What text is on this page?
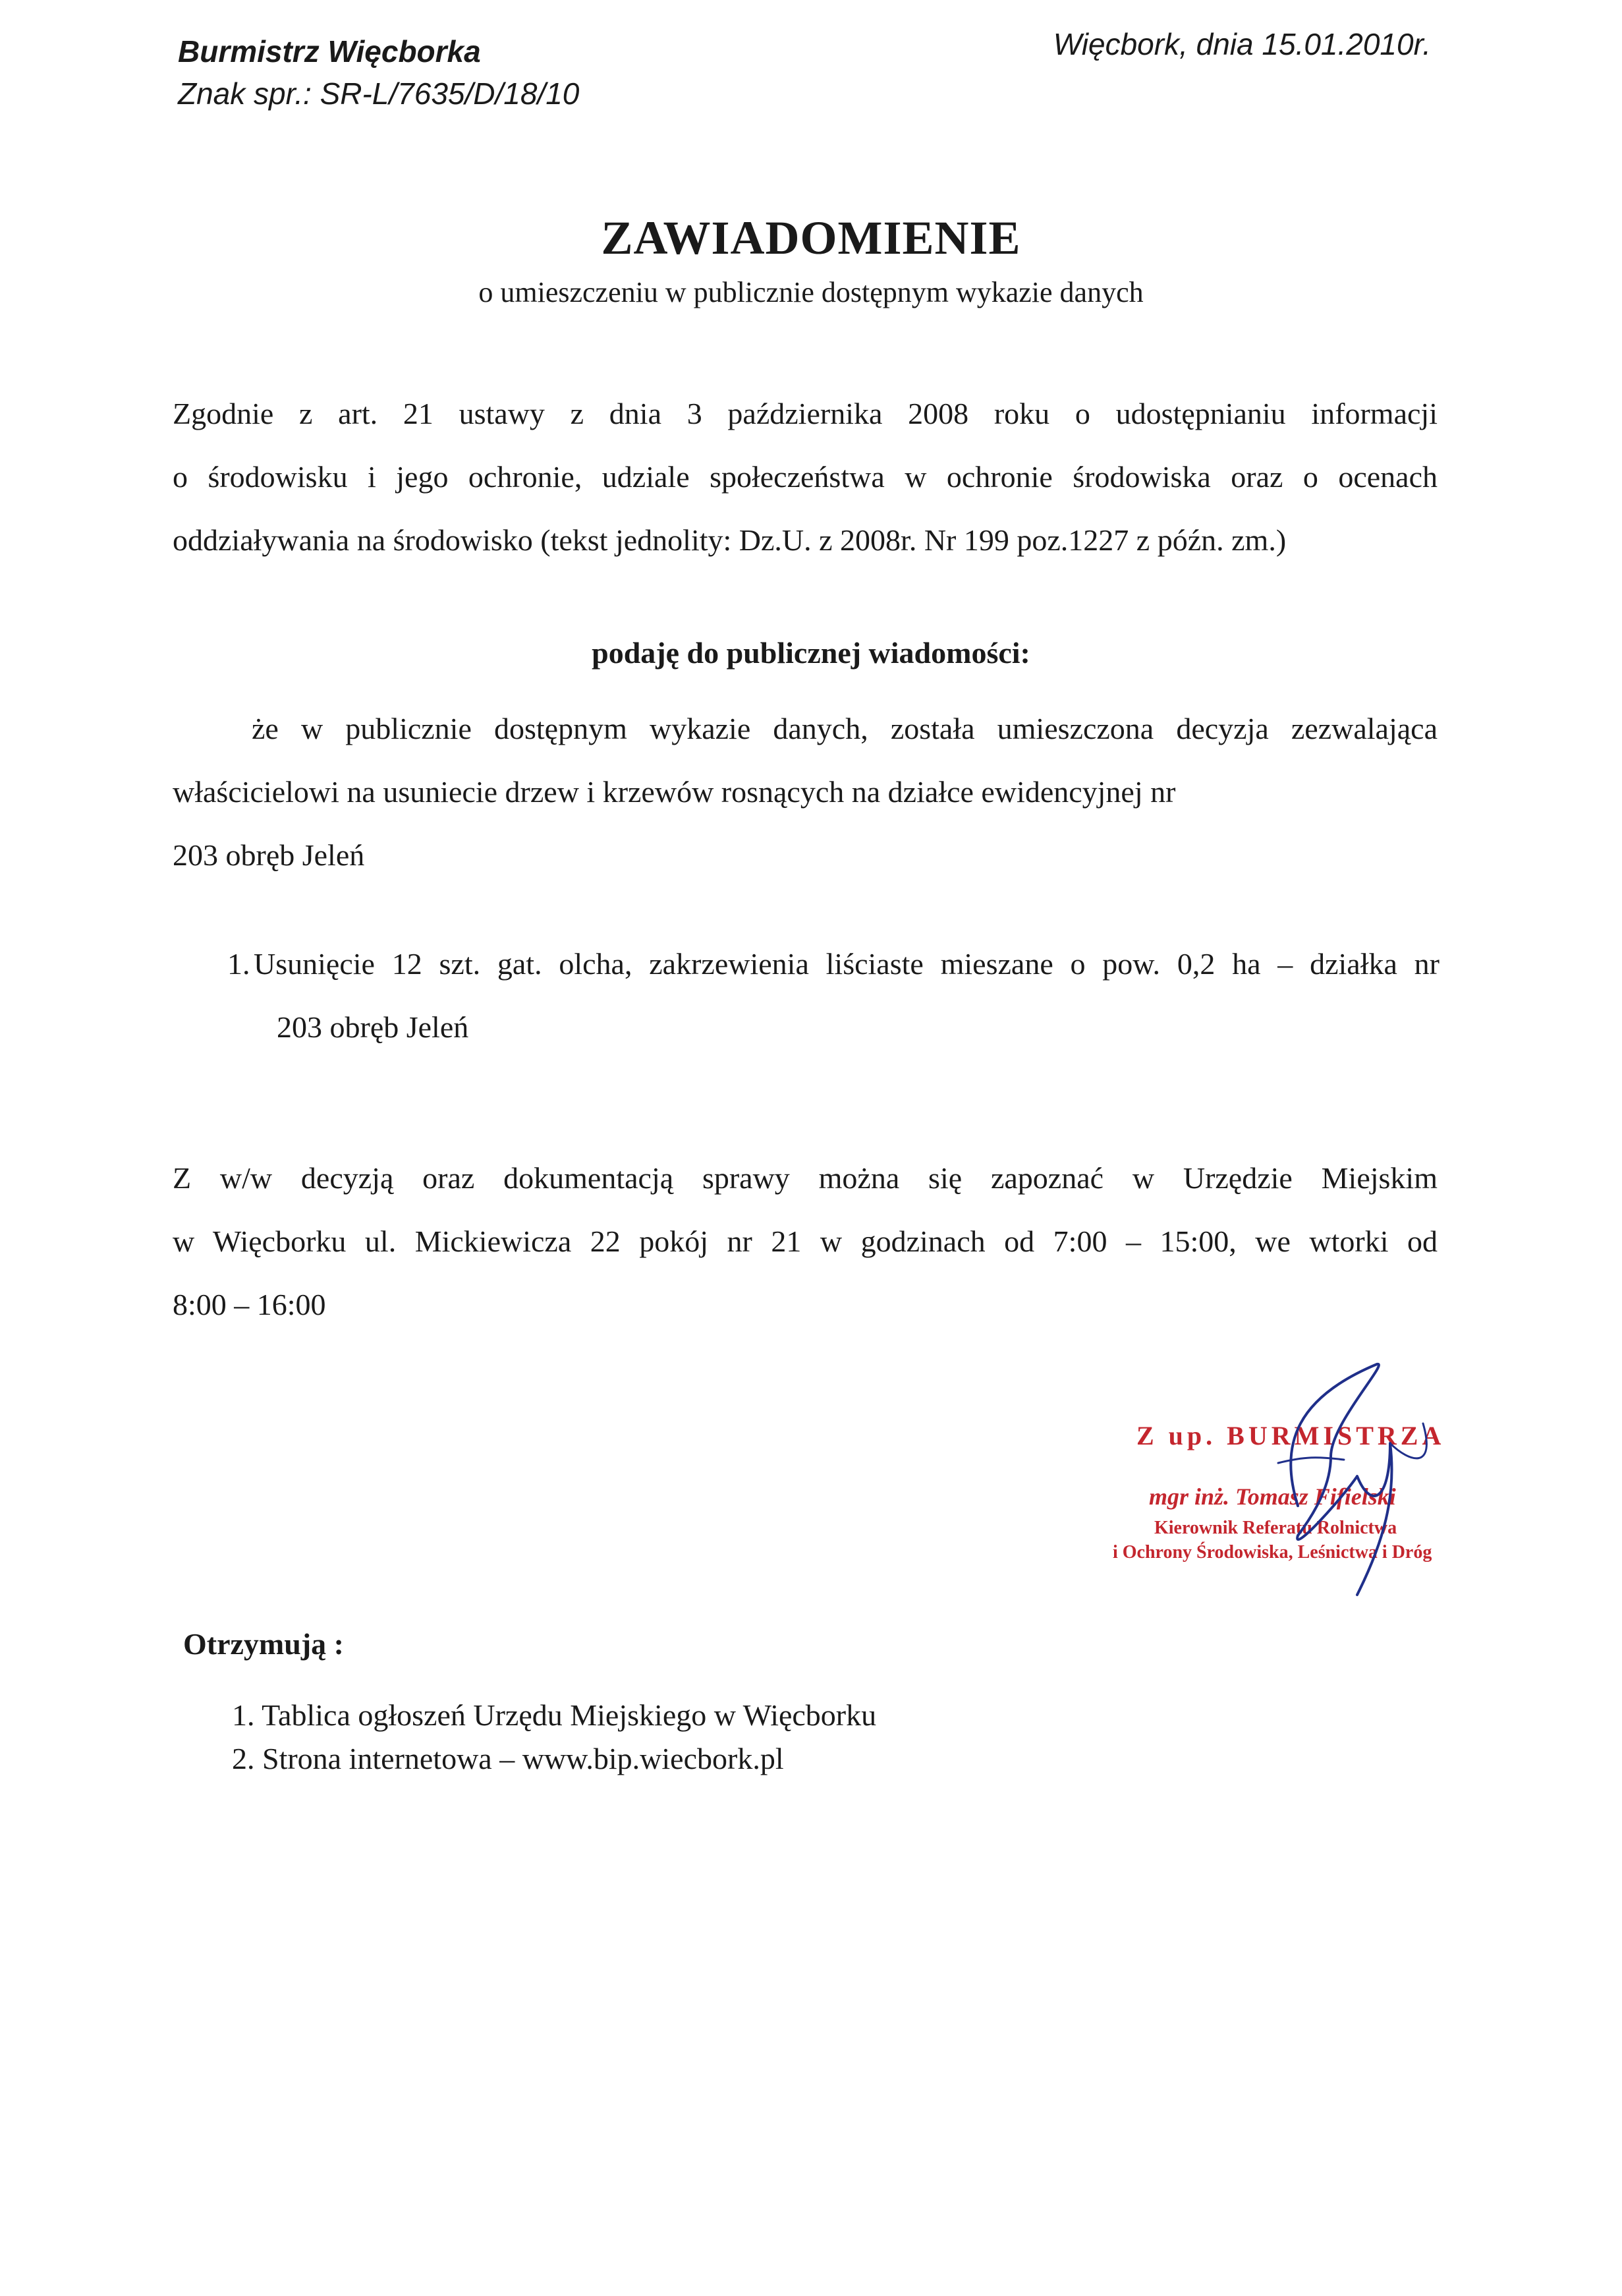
Burmistrz Więcborka
Znak spr.: SR-L/7635/D/18/10
Więcbork, dnia 15.01.2010r.
ZAWIADOMIENIE
o umieszczeniu w publicznie dostępnym wykazie danych
Zgodnie z art. 21 ustawy z dnia 3 października 2008 roku o udostępnianiu informacji
o środowisku i jego ochronie, udziale społeczeństwa w ochronie środowiska oraz o ocenach
oddziaływania na środowisko (tekst jednolity: Dz.U. z 2008r. Nr 199 poz.1227 z późn. zm.)
podaję do publicznej wiadomości:
że w publicznie dostępnym wykazie danych, została umieszczona decyzja zezwalająca
właścicielowi na usuniecie drzew i krzewów rosnących na działce ewidencyjnej nr
203 obręb Jeleń
1. Usunięcie 12 szt. gat. olcha, zakrzewienia liściaste mieszane o pow. 0,2 ha – działka nr
203 obręb Jeleń
Z w/w decyzją oraz dokumentacją sprawy można się zapoznać w Urzędzie Miejskim
w Więcborku ul. Mickiewicza 22 pokój nr 21 w godzinach od 7:00 – 15:00, we wtorki od
8:00 – 16:00
Z up. BURMISTRZA
mgr inż. Tomasz Fifielski
Kierownik Referatu Rolnictwa
i Ochrony Środowiska, Leśnictwa i Dróg
Otrzymują :
1. Tablica ogłoszeń Urzędu Miejskiego w Więcborku
2. Strona internetowa – www.bip.wiecbork.pl
